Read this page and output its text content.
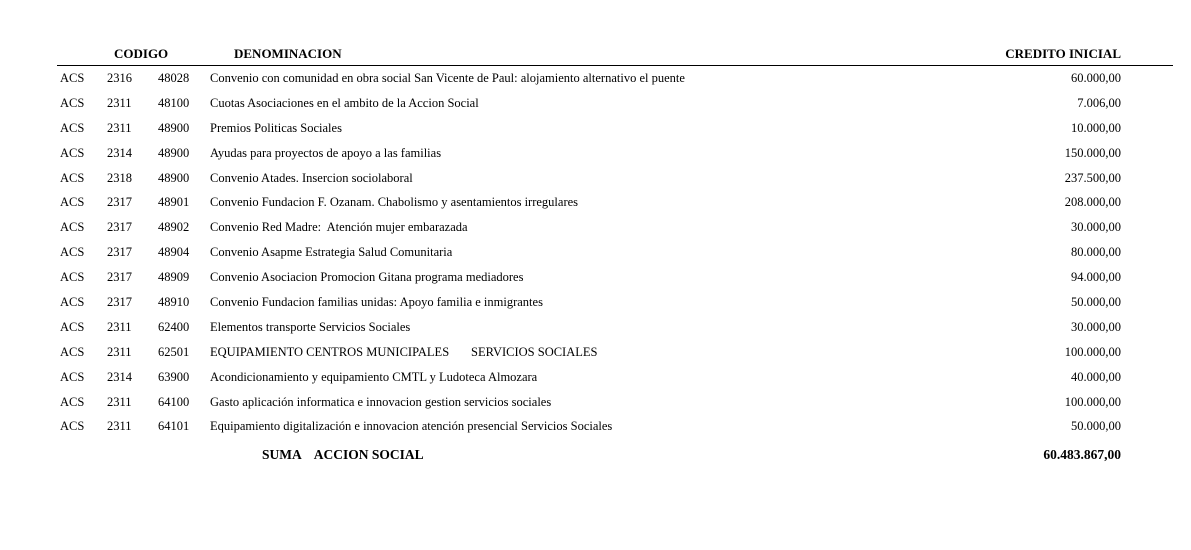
CODIGO	DENOMINACION	CREDITO INICIAL
ACS 2316 48028 Convenio con comunidad en obra social San Vicente de Paul: alojamiento alternativo el puente	60.000,00
ACS 2311 48100 Cuotas Asociaciones en el ambito de la Accion Social	7.006,00
ACS 2311 48900 Premios Politicas Sociales	10.000,00
ACS 2314 48900 Ayudas para proyectos de apoyo a las familias	150.000,00
ACS 2318 48900 Convenio Atades. Insercion sociolaboral	237.500,00
ACS 2317 48901 Convenio Fundacion F. Ozanam. Chabolismo y asentamientos irregulares	208.000,00
ACS 2317 48902 Convenio Red Madre:  Atención mujer embarazada	30.000,00
ACS 2317 48904 Convenio Asapme Estrategia Salud Comunitaria	80.000,00
ACS 2317 48909 Convenio Asociacion Promocion Gitana programa mediadores	94.000,00
ACS 2317 48910 Convenio Fundacion familias unidas: Apoyo familia e inmigrantes	50.000,00
ACS 2311 62400 Elementos transporte Servicios Sociales	30.000,00
ACS 2311 62501 EQUIPAMIENTO CENTROS MUNICIPALES       SERVICIOS SOCIALES	100.000,00
ACS 2314 63900 Acondicionamiento y equipamiento CMTL y Ludoteca Almozara	40.000,00
ACS 2311 64100 Gasto aplicación informatica e innovacion gestion servicios sociales	100.000,00
ACS 2311 64101 Equipamiento digitalización e innovacion atención presencial Servicios Sociales	50.000,00
SUMA    ACCION SOCIAL	60.483.867,00
